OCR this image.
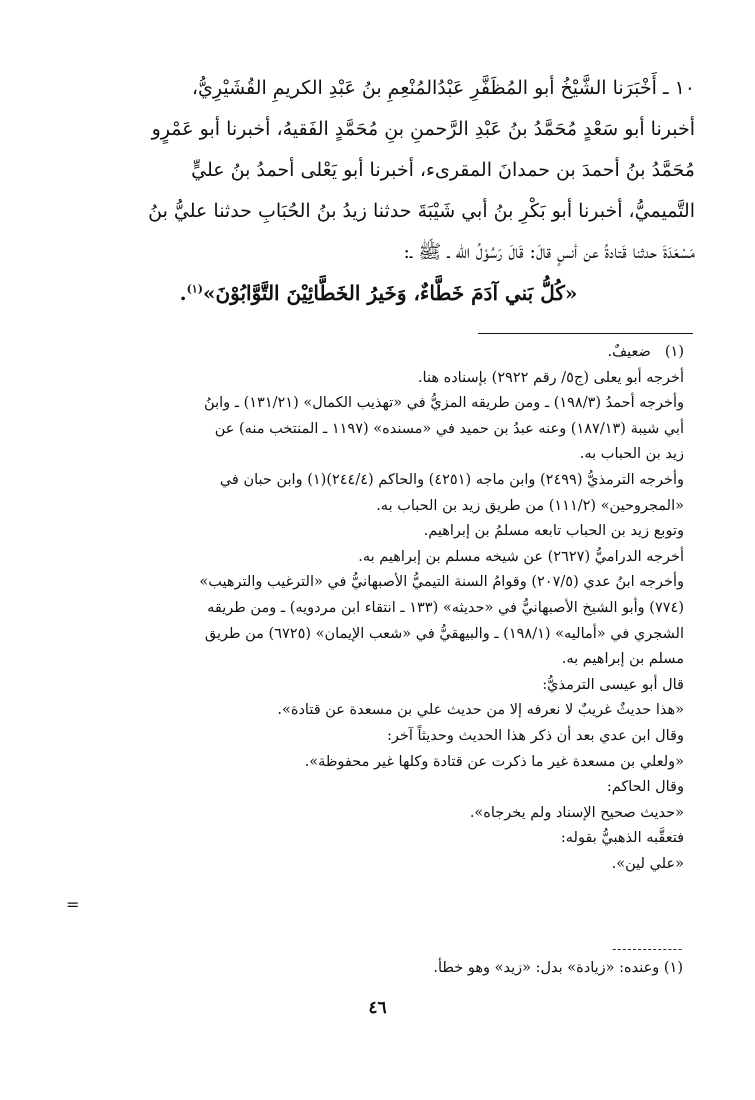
١٠ ـ أَخْبَرَنا الشَّيْخُ أبو المُظَفَّرِ عَبْدُالمُنْعِمِ بنُ عَبْدِ الكريمِ القُشَيْرِيُّ،

أخبرنا أبو سَعْدٍ مُحَمَّدُ بنُ عَبْدِ الرَّحمنِ بنِ مُحَمَّدٍ الفَقيهُ، أخبرنا أبو عَمْرٍو

مُحَمَّدُ بنُ أحمدَ بن حمدانَ المقرىء، أخبرنا أبو يَعْلى أحمدُ بنُ عليٍّ

التَّميميُّ، أخبرنا أبو بَكْرِ بنُ أبي شَيْبَةَ حدثنا زيدُ بنُ الحُبَابِ حدثنا عليُّ بنُ

مَسْعَدَةَ حدثنا قَتادةُ عن أنسٍ قالَ: قَالَ رَسُوْلُ الله ـ ﷺ ـ:

«كُلُّ بَني آدَمَ خَطَّاءٌ، وَخَيرُ الخَطَّائِيْنَ التَّوَّابُوْنَ»$^{(١)}$.

(١)
ضعيفٌ.

أخرجه أبو يعلى (ج٥/ رقم ٢٩٢٢) بإسناده هنا.

وأخرجه أحمدُ (١٩٨/٣) ـ ومن طريقه المزيُّ في «تهذيب الكمال» (١٣١/٢١) ـ وابنُ

أبي شيبة (١٨٧/١٣) وعنه عبدُ بن حميد في «مسنده» (١١٩٧ ـ المنتخب منه) عن

زيد بن الحباب به.

وأخرجه الترمذيُّ (٢٤٩٩) وابن ماجه (٤٢٥١) والحاكم (٢٤٤/٤)(١) وابن حبان في

«المجروحين» (١١١/٢) من طريق زيد بن الحباب به.

وتوبع زيد بن الحباب تابعه مسلمُ بن إبراهيم.

أخرجه الدراميُّ (٢٦٢٧) عن شيخه مسلم بن إبراهيم به.

وأخرجه ابنُ عدي (٢٠٧/٥) وقوامُ السنة التيميُّ الأصبهانيُّ في «الترغيب والترهيب»

(٧٧٤) وأبو الشيخ الأصبهانيُّ في «حديثه» (١٣٣ ـ انتقاء ابن مردويه) ـ ومن طريقه

الشجري في «أماليه» (١٩٨/١) ـ والبيهقيُّ في «شعب الإيمان» (٦٧٢٥) من طريق

مسلم بن إبراهيم به.

قال أبو عيسى الترمذيُّ:

«هذا حديثٌ غريبٌ لا نعرفه إلا من حديث علي بن مسعدة عن قتادة».

وقال ابن عدي بعد أن ذكر هذا الحديث وحديثاً آخر:

«ولعلي بن مسعدة غير ما ذكرت عن قتادة وكلها غير محفوظة».

وقال الحاكم:

«حديث صحيح الإسناد ولم يخرجاه».

فتعقَّبه الذهبيُّ بقوله:

«علي لين».

=
--------------
(١) وعنده: «زيادة» بدل: «زيد» وهو خطأ.
٤٦
